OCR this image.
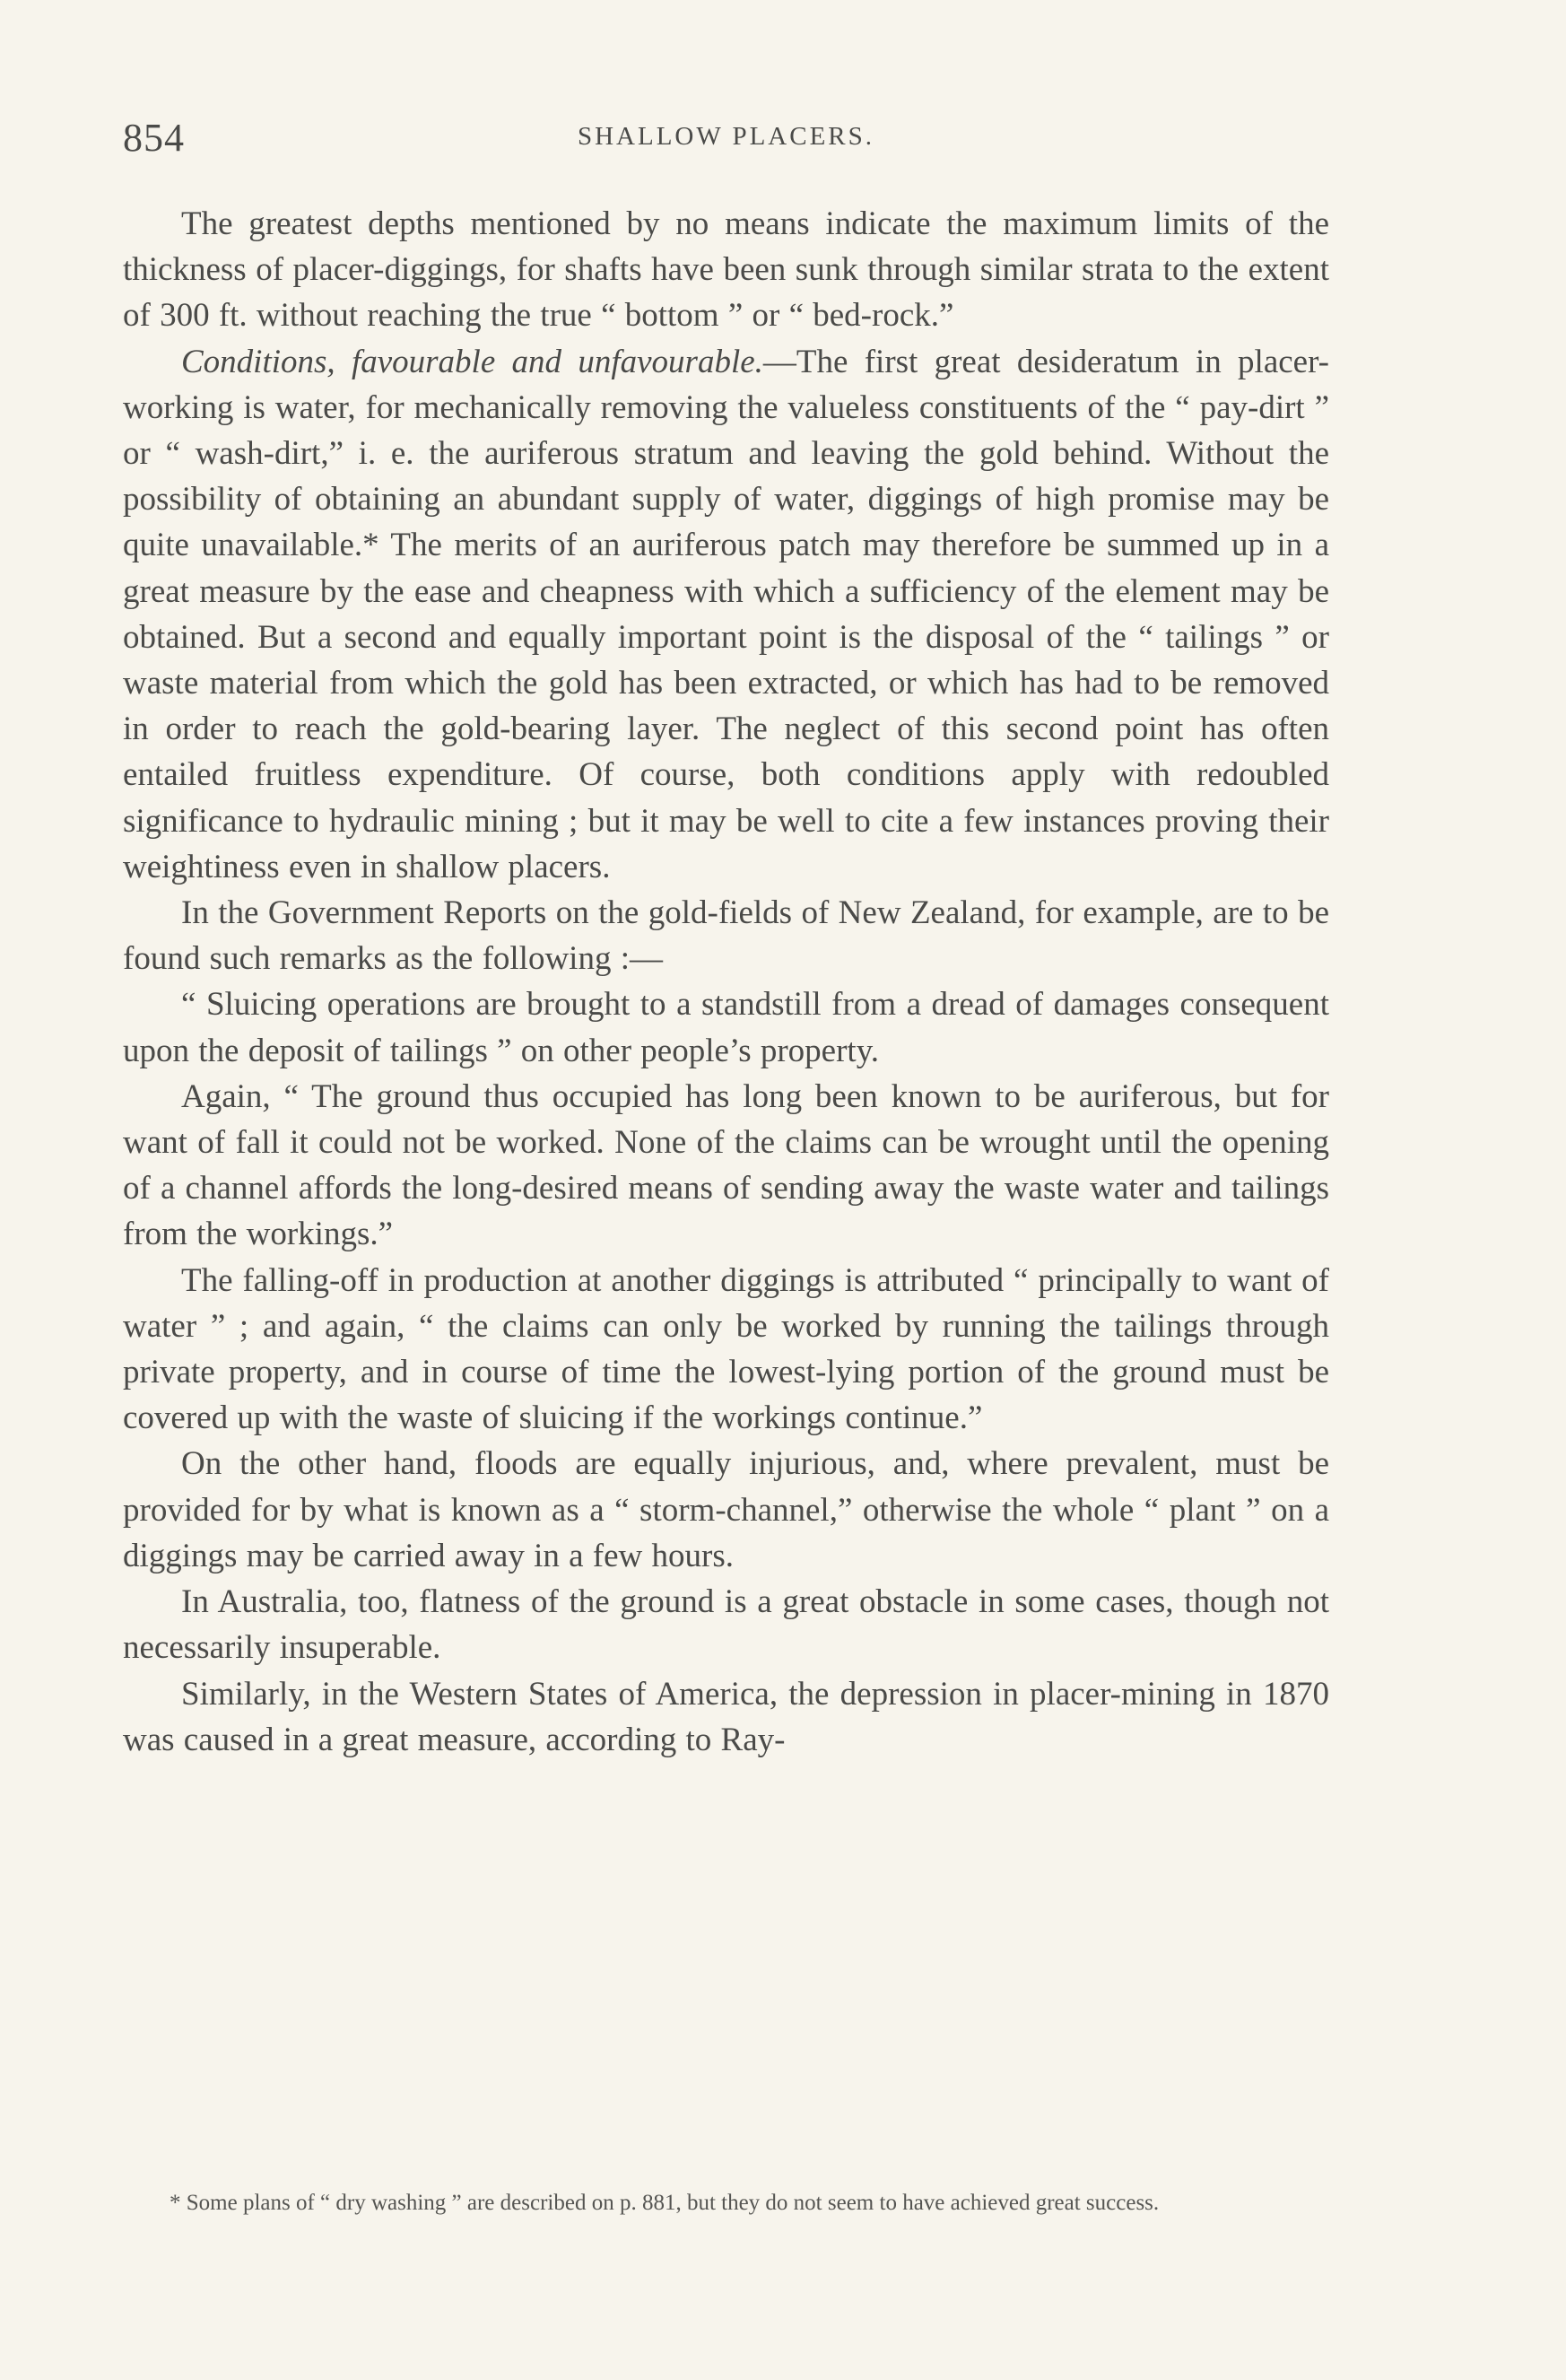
854	SHALLOW PLACERS.

The greatest depths mentioned by no means indicate the maximum limits of the thickness of placer-diggings, for shafts have been sunk through similar strata to the extent of 300 ft. without reaching the true “ bottom ” or “ bed-rock.”

Conditions, favourable and unfavourable.—The first great desideratum in placer-working is water, for mechanically removing the valueless constituents of the “ pay-dirt ” or “ wash-dirt,” i. e. the auriferous stratum and leaving the gold behind. Without the possibility of obtaining an abundant supply of water, diggings of high promise may be quite unavailable.* The merits of an auriferous patch may therefore be summed up in a great measure by the ease and cheapness with which a sufficiency of the element may be obtained. But a second and equally important point is the disposal of the “ tailings ” or waste material from which the gold has been extracted, or which has had to be removed in order to reach the gold-bearing layer. The neglect of this second point has often entailed fruitless expenditure. Of course, both conditions apply with redoubled significance to hydraulic mining ; but it may be well to cite a few instances proving their weightiness even in shallow placers.

In the Government Reports on the gold-fields of New Zealand, for example, are to be found such remarks as the following :—

“ Sluicing operations are brought to a standstill from a dread of damages consequent upon the deposit of tailings ” on other people’s property.

Again, “ The ground thus occupied has long been known to be auriferous, but for want of fall it could not be worked. None of the claims can be wrought until the opening of a channel affords the long-desired means of sending away the waste water and tailings from the workings.”

The falling-off in production at another diggings is attributed “ principally to want of water ” ; and again, “ the claims can only be worked by running the tailings through private property, and in course of time the lowest-lying portion of the ground must be covered up with the waste of sluicing if the workings continue.”

On the other hand, floods are equally injurious, and, where prevalent, must be provided for by what is known as a “ storm-channel,” otherwise the whole “ plant ” on a diggings may be carried away in a few hours.

In Australia, too, flatness of the ground is a great obstacle in some cases, though not necessarily insuperable.

Similarly, in the Western States of America, the depression in placer-mining in 1870 was caused in a great measure, according to Ray-

* Some plans of “ dry washing ” are described on p. 881, but they do not seem to have achieved great success.
